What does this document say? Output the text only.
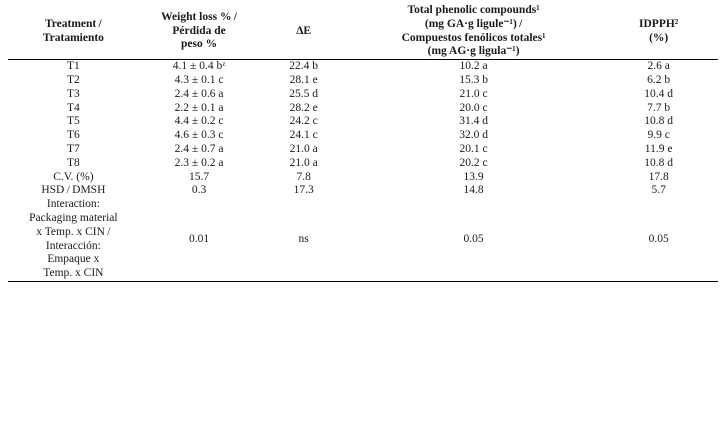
Treatment /
Tratamiento	Weight loss % /
Pérdida de
peso %	ΔE	Total phenolic compounds¹
(mg GA·g ligule⁻¹) /
Compuestos fenólicos totales¹
(mg AG·g ligula⁻¹)	IDPPH²
(%)

T1	4.1 ± 0.4 bᶻ	22.4 b	10.2 a	2.6 a
T2	4.3 ± 0.1 c	28.1 e	15.3 b	6.2 b
T3	2.4 ± 0.6 a	25.5 d	21.0 c	10.4 d
T4	2.2 ± 0.1 a	28.2 e	20.0 c	7.7 b
T5	4.4 ± 0.2 c	24.2 c	31.4 d	10.8 d
T6	4.6 ± 0.3 c	24.1 c	32.0 d	9.9 c
T7	2.4 ± 0.7 a	21.0 a	20.1 c	11.9 e
T8	2.3 ± 0.2 a	21.0 a	20.2 c	10.8 d
C.V. (%)	15.7	7.8	13.9	17.8
HSD / DMSH	0.3	17.3	14.8	5.7

Interaction:
Packaging material
x Temp. x CIN /
Interacción:
Empaque x
Temp. x CIN
	0.01	ns	0.05	0.05
